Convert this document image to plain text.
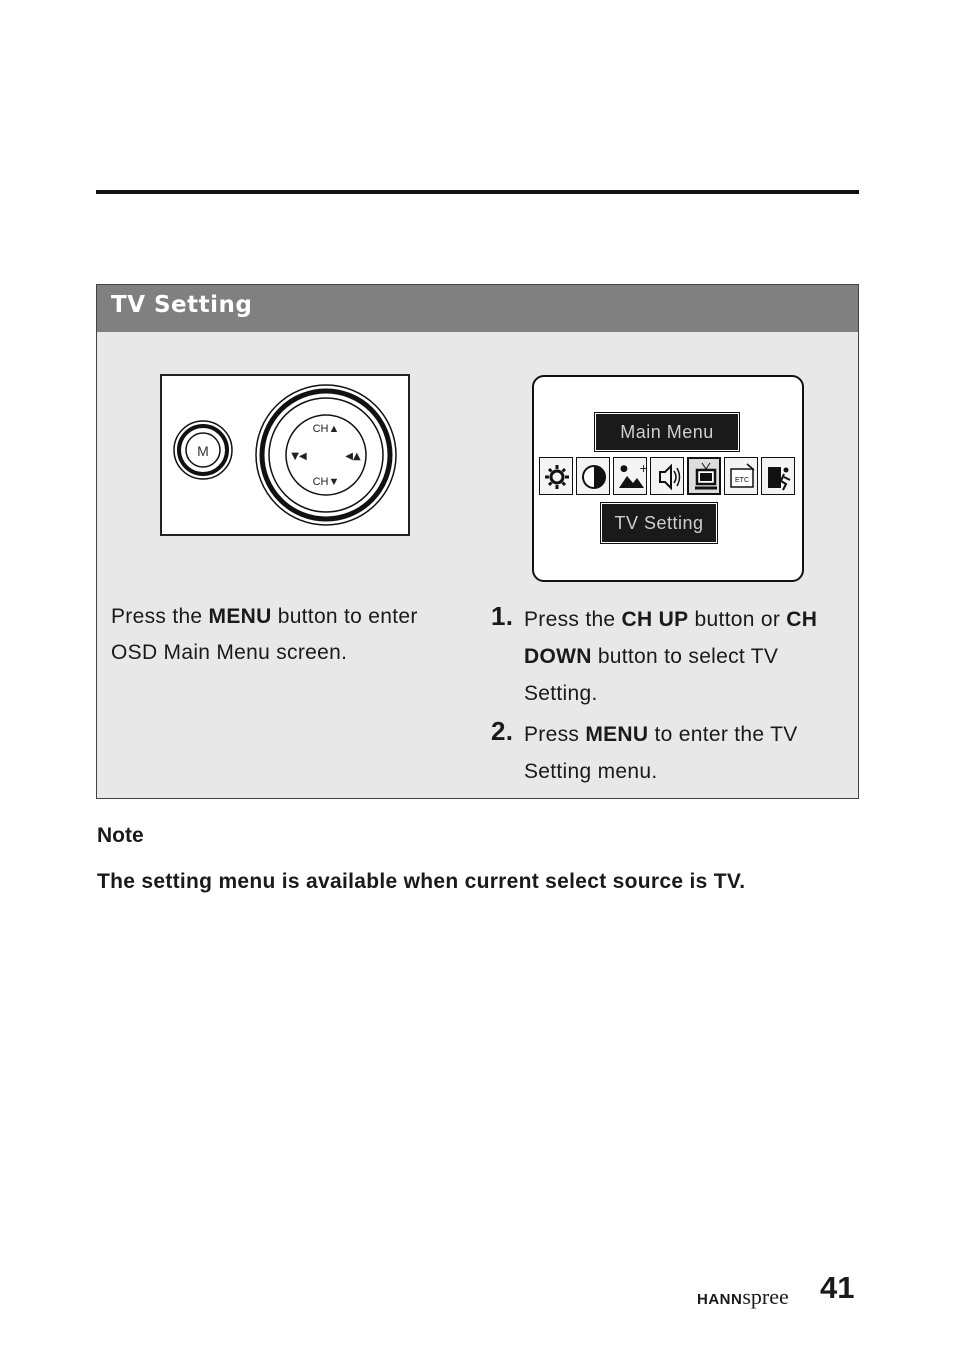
TV Setting
M
CH▲
CH▼
▼◀	◀▲
Main Menu
+
●
ETC
TV Setting
Press the MENU button to enter OSD Main Menu screen.
1. Press the CH UP button or CH DOWN button to select TV Setting.
2. Press MENU to enter the TV Setting menu.
Note
The setting menu is available when current select source is TV.
HANNspree 41
